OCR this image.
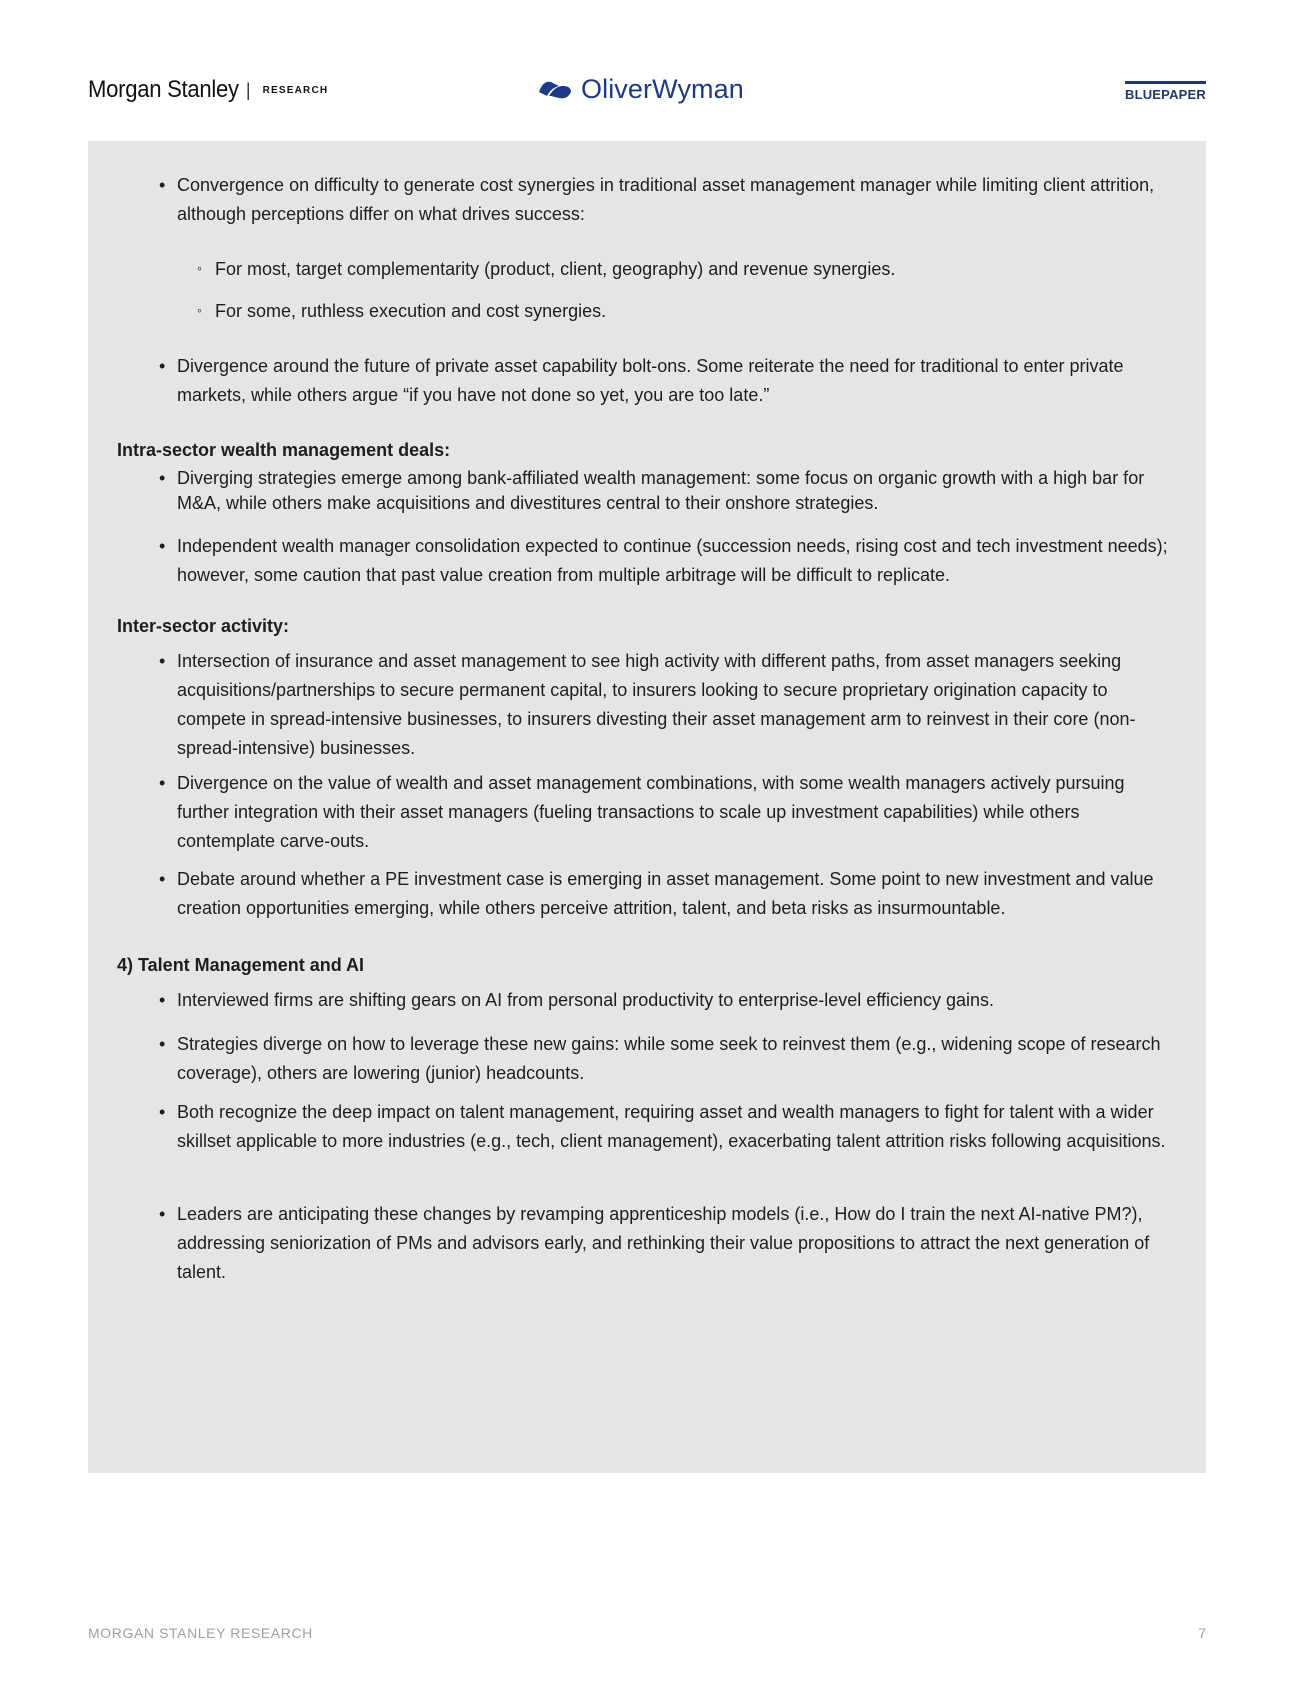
Morgan Stanley | RESEARCH	OliverWyman	BLUEPAPER
• Convergence on difficulty to generate cost synergies in traditional asset management manager while limiting client attrition, although perceptions differ on what drives success:
◦ For most, target complementarity (product, client, geography) and revenue synergies.
◦ For some, ruthless execution and cost synergies.
• Divergence around the future of private asset capability bolt-ons. Some reiterate the need for traditional to enter private markets, while others argue “if you have not done so yet, you are too late.”
Intra-sector wealth management deals:
• Diverging strategies emerge among bank-affiliated wealth management: some focus on organic growth with a high bar for M&A, while others make acquisitions and divestitures central to their onshore strategies.
• Independent wealth manager consolidation expected to continue (succession needs, rising cost and tech investment needs); however, some caution that past value creation from multiple arbitrage will be difficult to replicate.
Inter-sector activity:
• Intersection of insurance and asset management to see high activity with different paths, from asset managers seeking acquisitions/partnerships to secure permanent capital, to insurers looking to secure proprietary origination capacity to compete in spread-intensive businesses, to insurers divesting their asset management arm to reinvest in their core (non-spread-intensive) businesses.
• Divergence on the value of wealth and asset management combinations, with some wealth managers actively pursuing further integration with their asset managers (fueling transactions to scale up investment capabilities) while others contemplate carve-outs.
• Debate around whether a PE investment case is emerging in asset management. Some point to new investment and value creation opportunities emerging, while others perceive attrition, talent, and beta risks as insurmountable.
4) Talent Management and AI
• Interviewed firms are shifting gears on AI from personal productivity to enterprise-level efficiency gains.
• Strategies diverge on how to leverage these new gains: while some seek to reinvest them (e.g., widening scope of research coverage), others are lowering (junior) headcounts.
• Both recognize the deep impact on talent management, requiring asset and wealth managers to fight for talent with a wider skillset applicable to more industries (e.g., tech, client management), exacerbating talent attrition risks following acquisitions.
• Leaders are anticipating these changes by revamping apprenticeship models (i.e., How do I train the next AI-native PM?), addressing seniorization of PMs and advisors early, and rethinking their value propositions to attract the next generation of talent.
MORGAN STANLEY RESEARCH	7
